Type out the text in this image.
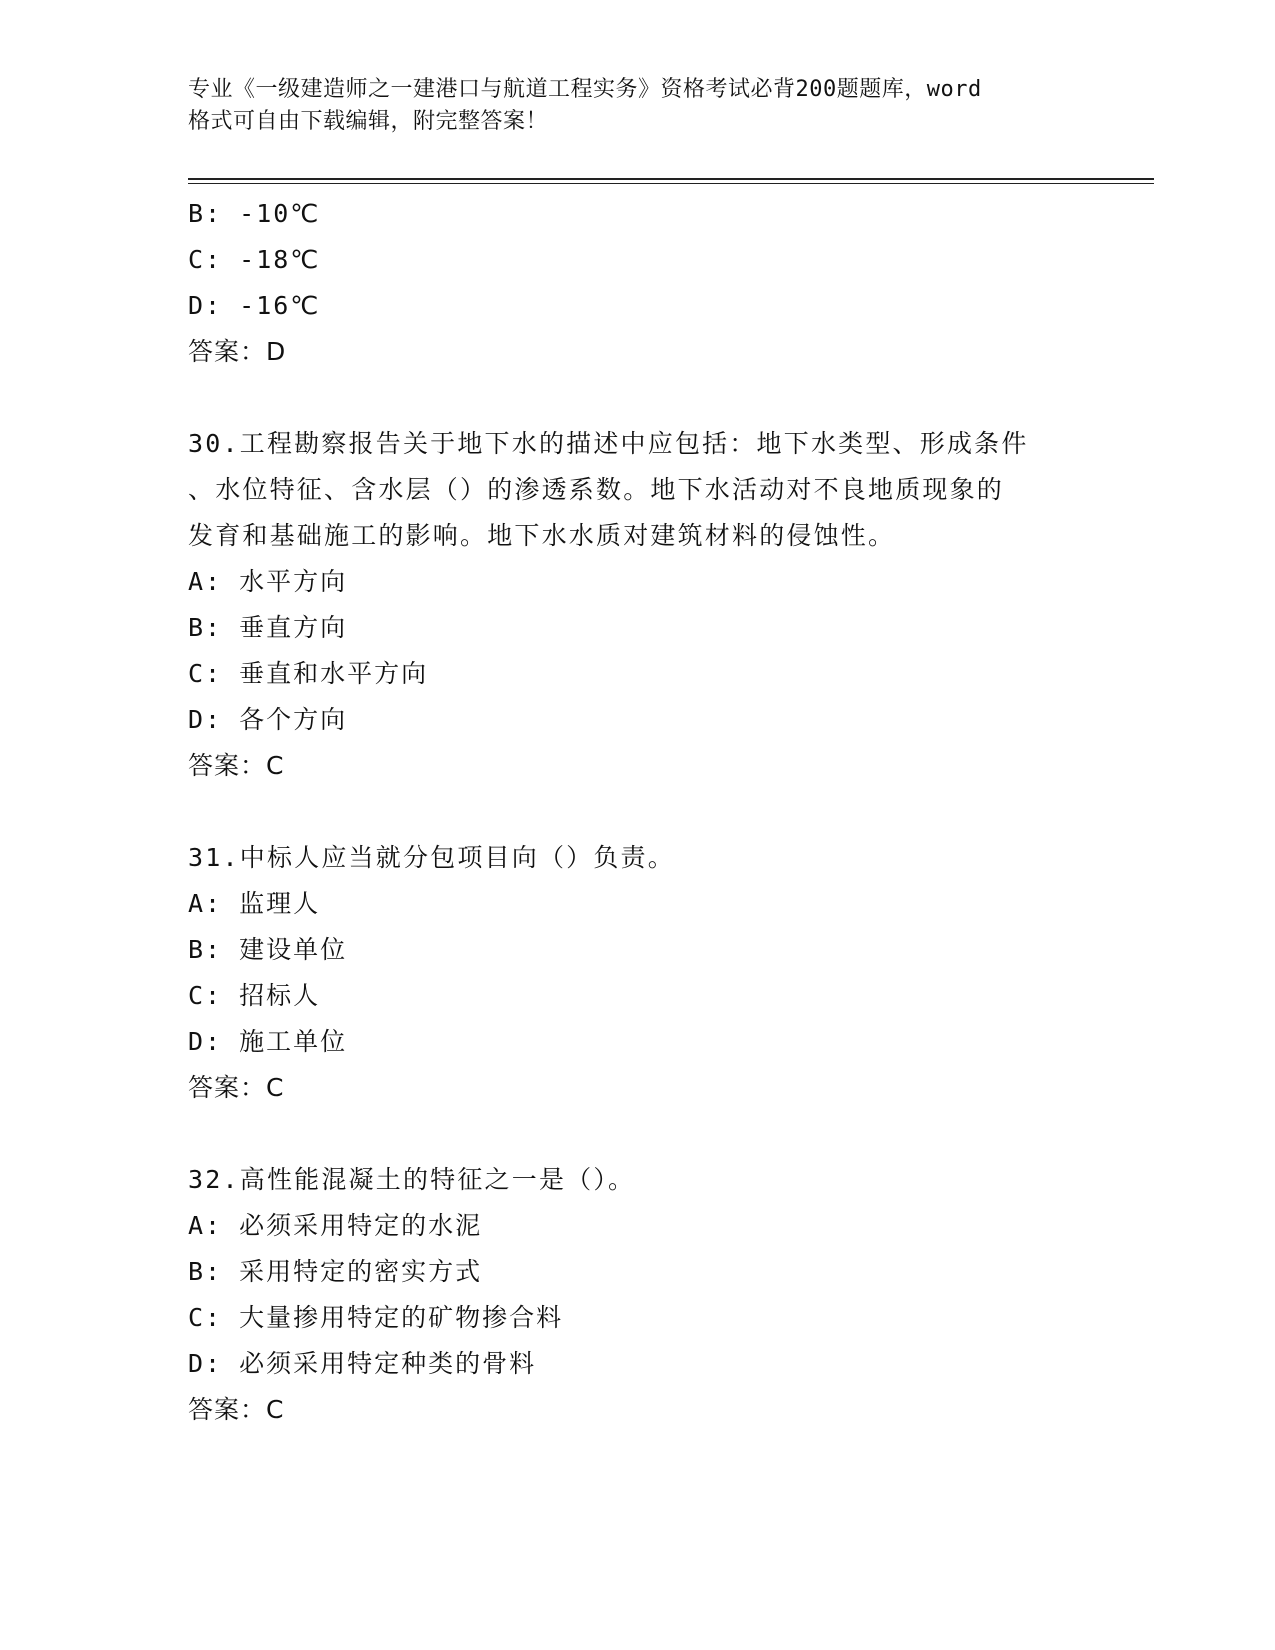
专业《一级建造师之一建港口与航道工程实务》资格考试必背200题题库，word
格式可自由下载编辑，附完整答案！
B: -10℃
C: -18℃
D: -16℃
答案：D
30.工程勘察报告关于地下水的描述中应包括：地下水类型、形成条件
、水位特征、含水层（）的渗透系数。地下水活动对不良地质现象的
发育和基础施工的影响。地下水水质对建筑材料的侵蚀性。
A: 水平方向
B: 垂直方向
C: 垂直和水平方向
D: 各个方向
答案：C
31.中标人应当就分包项目向（）负责。
A: 监理人
B: 建设单位
C: 招标人
D: 施工单位
答案：C
32.高性能混凝土的特征之一是（）。
A: 必须采用特定的水泥
B: 采用特定的密实方式
C: 大量掺用特定的矿物掺合料
D: 必须采用特定种类的骨料
答案：C
